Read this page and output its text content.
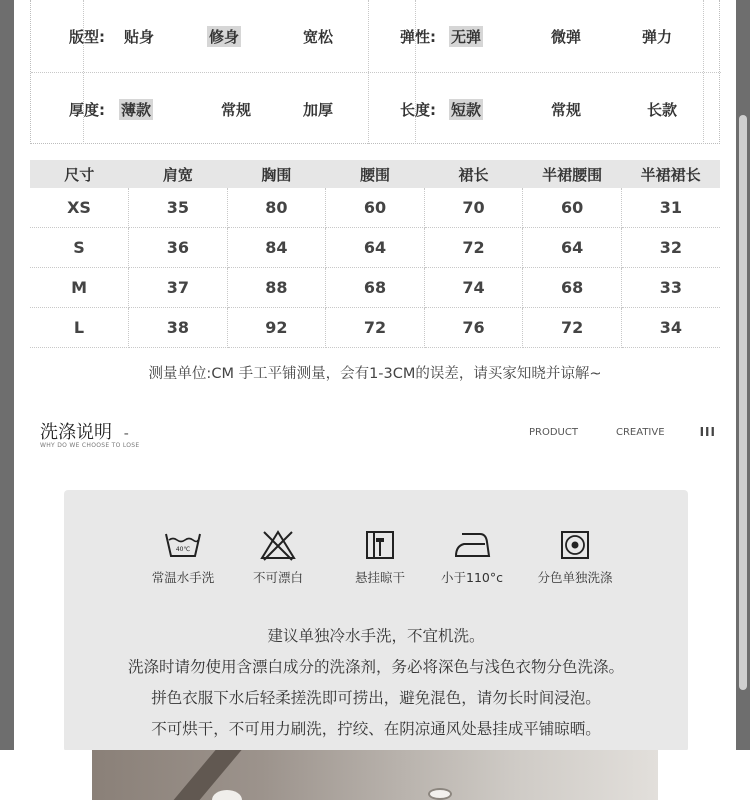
版型: 贴身	修身	宽松	弹性: 无弹	微弹	弹力
厚度: 薄款	常规	加厚	长度: 短款	常规	长款
尺寸	肩宽	胸围	腰围	裙长	半裙腰围	半裙裙长
XS	35	80	60	70	60	31
S	36	84	64	72	64	32
M	37	88	68	74	68	33
L	38	92	72	76	72	34
测量单位:CM 手工平铺测量，会有1-3CM的误差，请买家知晓并谅解~
洗涤说明 -
WHY DO WE CHOOSE TO LOSE
PRODUCT	CREATIVE	III
40℃
常温水手洗	不可漂白	悬挂晾干	小于110°c	分色单独洗涤
建议单独冷水手洗，不宜机洗。
洗涤时请勿使用含漂白成分的洗涤剂，务必将深色与浅色衣物分色洗涤。
拼色衣服下水后轻柔搓洗即可捞出，避免混色，请勿长时间浸泡。
不可烘干，不可用力刷洗，拧绞、在阴凉通风处悬挂成平铺晾晒。
